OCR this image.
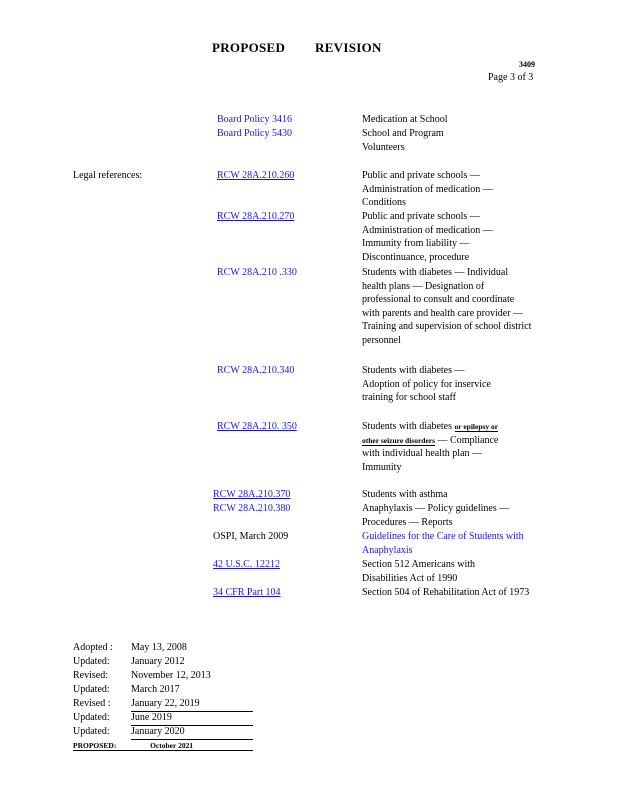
PROPOSED REVISION
3409
Page 3 of 3
Board Policy 3416	Medication at School
Board Policy 5430	School and Program Volunteers
Legal references:	RCW 28A.210.260	Public and private schools — Administration of medication — Conditions
RCW 28A.210.270	Public and private schools — Administration of medication — Immunity from liability — Discontinuance, procedure
RCW 28A.210 .330	Students with diabetes — Individual health plans — Designation of professional to consult and coordinate with parents and health care provider — Training and supervision of school district personnel
RCW 28A.210.340	Students with diabetes — Adoption of policy for inservice training for school staff
RCW 28A.210. 350	Students with diabetes or epilepsy or other seizure disorders — Compliance with individual health plan — Immunity
RCW 28A.210.370	Students with asthma
RCW 28A.210.380	Anaphylaxis — Policy guidelines — Procedures — Reports
OSPI, March 2009	Guidelines for the Care of Students with Anaphylaxis
42 U.S.C. 12212	Section 512 Americans with Disabilities Act of 1990
34 CFR Part 104	Section 504 of Rehabilitation Act of 1973
Adopted : May 13, 2008
Updated: January 2012
Revised: November 12, 2013
Updated: March 2017
Revised : January 22, 2019
Updated: June 2019
Updated: January 2020
PROPOSED:	October 2021
